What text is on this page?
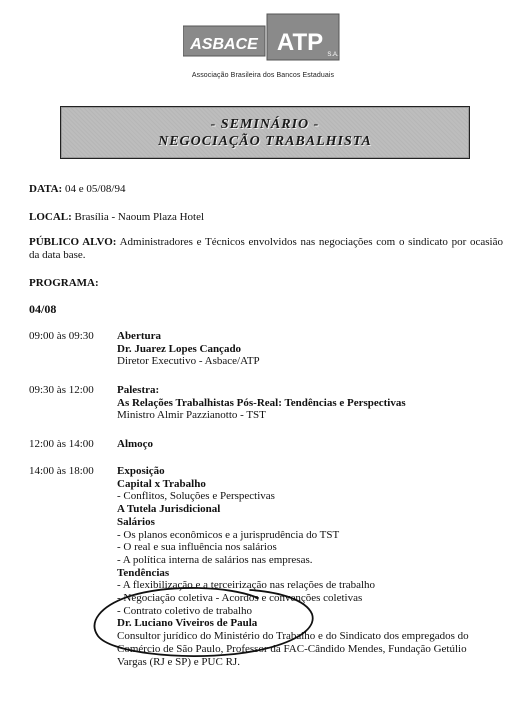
ASBACE ATP S.A.
Associação Brasileira dos Bancos Estaduais
- SEMINÁRIO -
NEGOCIAÇÃO TRABALHISTA
DATA: 04 e 05/08/94
LOCAL: Brasília - Naoum Plaza Hotel
PÚBLICO ALVO: Administradores e Técnicos envolvidos nas negociações com o sindicato por ocasião da data base.
PROGRAMA:
04/08
09:00 às 09:30 Abertura
Dr. Juarez Lopes Cançado
Diretor Executivo - Asbace/ATP
09:30 às 12:00 Palestra:
As Relações Trabalhistas Pós-Real: Tendências e Perspectivas
Ministro Almir Pazzianotto - TST
12:00 às 14:00 Almoço
14:00 às 18:00 Exposição
Capital x Trabalho
- Conflitos, Soluções e Perspectivas
A Tutela Jurisdicional
Salários
- Os planos econômicos e a jurisprudência do TST
- O real e sua influência nos salários
- A política interna de salários nas empresas.
Tendências
- A flexibilização e a terceirização nas relações de trabalho
- Negociação coletiva - Acordos e convenções coletivas
- Contrato coletivo de trabalho
Dr. Luciano Viveiros de Paula
Consultor jurídico do Ministério do Trabalho e do Sindicato dos empregados do
Comércio de São Paulo, Professor da FAC-Cândido Mendes, Fundação Getúlio
Vargas (RJ e SP) e PUC RJ.
